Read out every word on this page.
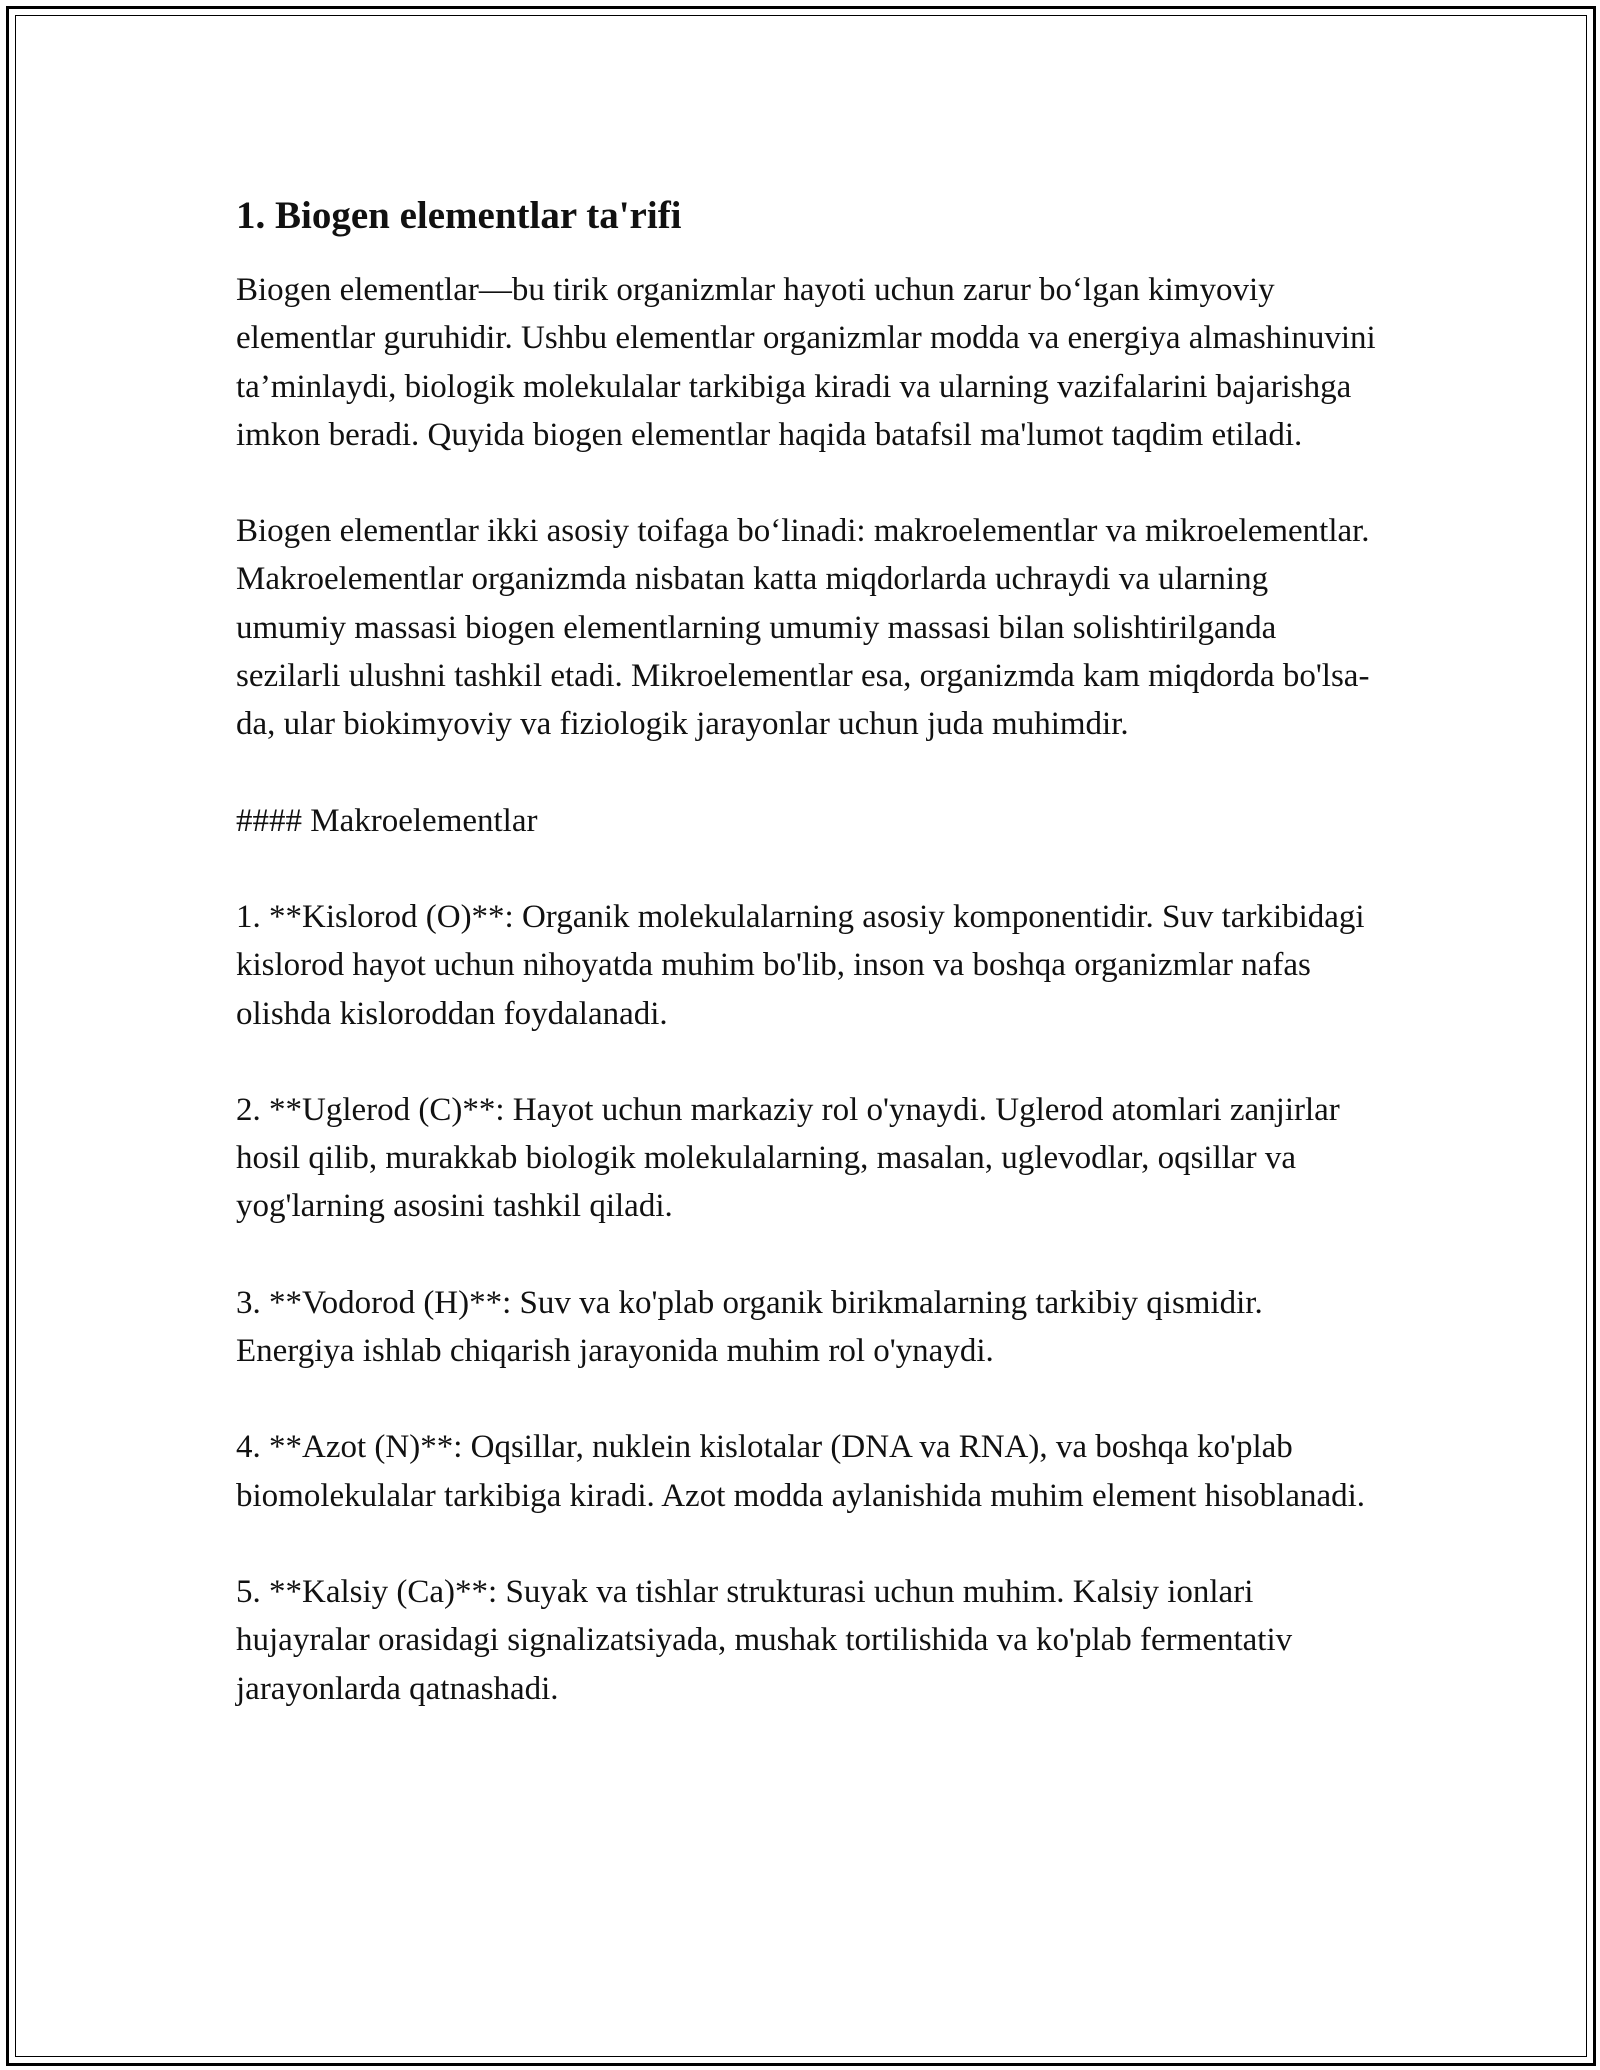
1. Biogen elementlar ta'rifi

Biogen elementlar—bu tirik organizmlar hayoti uchun zarur bo‘lgan kimyoviy elementlar guruhidir. Ushbu elementlar organizmlar modda va energiya almashinuvini ta’minlaydi, biologik molekulalar tarkibiga kiradi va ularning vazifalarini bajarishga imkon beradi. Quyida biogen elementlar haqida batafsil ma'lumot taqdim etiladi.

Biogen elementlar ikki asosiy toifaga bo‘linadi: makroelementlar va mikroelementlar. Makroelementlar organizmda nisbatan katta miqdorlarda uchraydi va ularning umumiy massasi biogen elementlarning umumiy massasi bilan solishtirilganda sezilarli ulushni tashkil etadi. Mikroelementlar esa, organizmda kam miqdorda bo'lsa-da, ular biokimyoviy va fiziologik jarayonlar uchun juda muhimdir.

#### Makroelementlar

1. **Kislorod (O)**: Organik molekulalarning asosiy komponentidir. Suv tarkibidagi kislorod hayot uchun nihoyatda muhim bo'lib, inson va boshqa organizmlar nafas olishda kisloroddan foydalanadi.

2. **Uglerod (C)**: Hayot uchun markaziy rol o'ynaydi. Uglerod atomlari zanjirlar hosil qilib, murakkab biologik molekulalarning, masalan, uglevodlar, oqsillar va yog'larning asosini tashkil qiladi.

3. **Vodorod (H)**: Suv va ko'plab organik birikmalarning tarkibiy qismidir. Energiya ishlab chiqarish jarayonida muhim rol o'ynaydi.

4. **Azot (N)**: Oqsillar, nuklein kislotalar (DNA va RNA), va boshqa ko'plab biomolekulalar tarkibiga kiradi. Azot modda aylanishida muhim element hisoblanadi.

5. **Kalsiy (Ca)**: Suyak va tishlar strukturasi uchun muhim. Kalsiy ionlari hujayralar orasidagi signalizatsiyada, mushak tortilishida va ko'plab fermentativ jarayonlarda qatnashadi.
